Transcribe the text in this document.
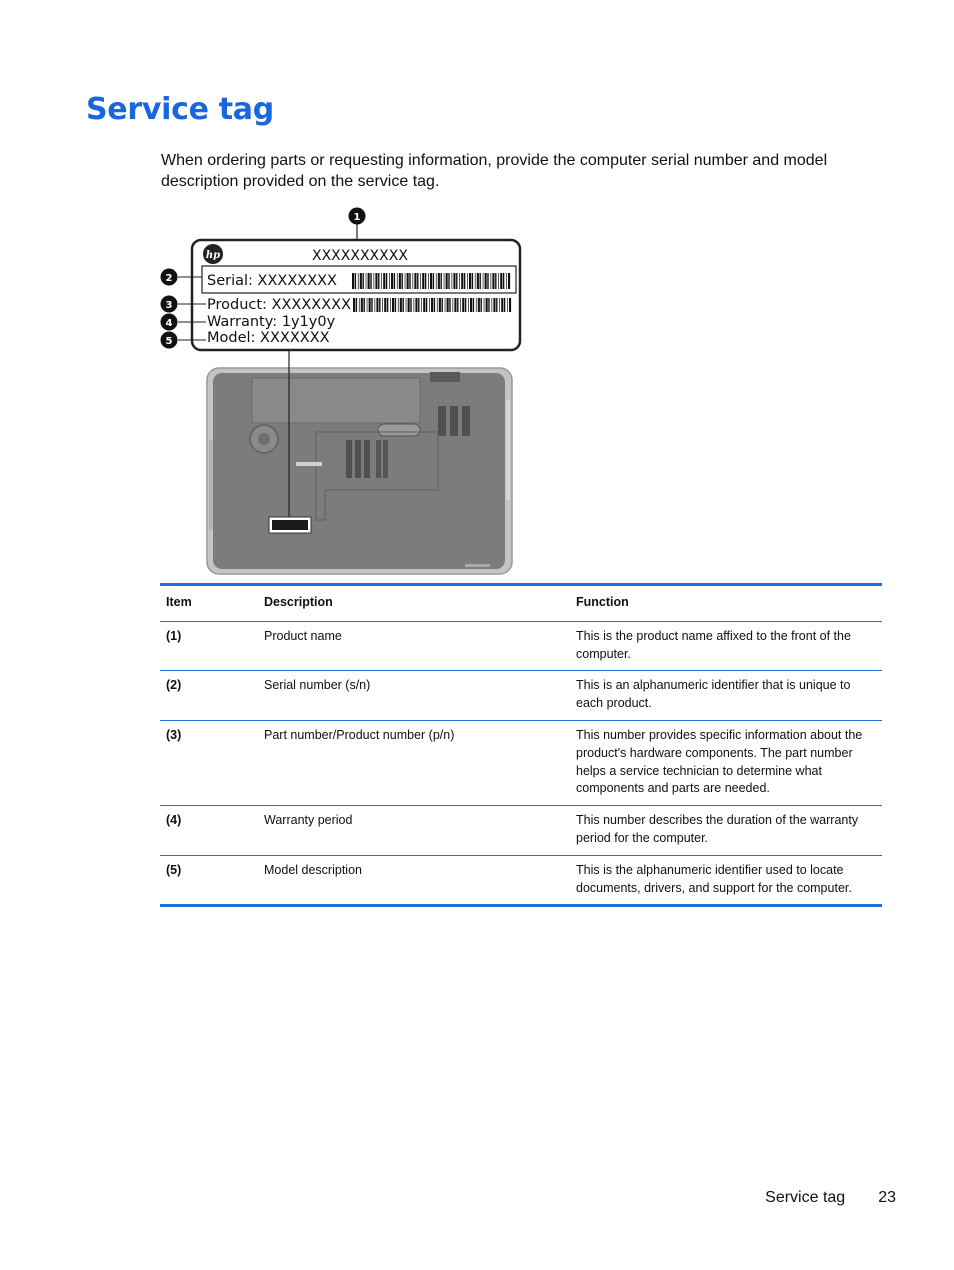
Service tag

When ordering parts or requesting information, provide the computer serial number and model description provided on the service tag.

hp	XXXXXXXXXX
Serial: XXXXXXXX
Product: XXXXXXXX
Warranty: 1y1y0y
Model: XXXXXXX
1
2
3
4
5
Item	Description	Function
(1)	Product name	This is the product name affixed to the front of the computer.
(2)	Serial number (s/n)	This is an alphanumeric identifier that is unique to each product.
(3)	Part number/Product number (p/n)	This number provides specific information about the product's hardware components. The part number helps a service technician to determine what components and parts are needed.
(4)	Warranty period	This number describes the duration of the warranty period for the computer.
(5)	Model description	This is the alphanumeric identifier used to locate documents, drivers, and support for the computer.
Service tag 23
